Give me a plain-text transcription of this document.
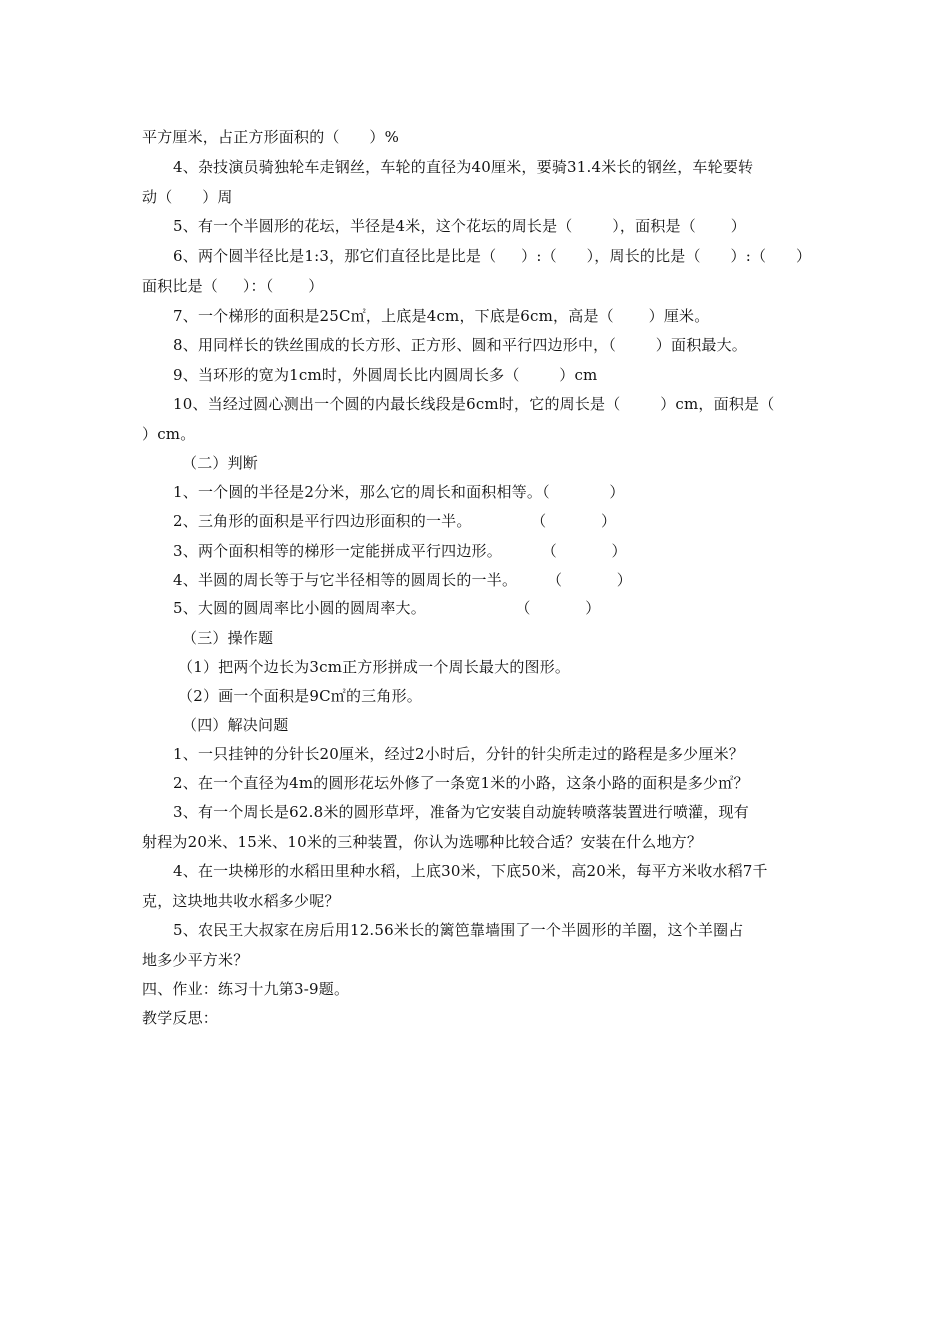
平方厘米，占正方形面积的（      ）%
4、杂技演员骑独轮车走钢丝，车轮的直径为40厘米，要骑31.4米长的钢丝，车轮要转
动（      ）周
5、有一个半圆形的花坛，半径是4米，这个花坛的周长是（        ），面积是（       ）
6、两个圆半径比是1:3，那它们直径比是比是（     ）:（      ），周长的比是（      ）:（      ）
面积比是（     ）：（       ）
7、一个梯形的面积是25C㎡，上底是4cm，下底是6cm，高是（       ）厘米。
8、用同样长的铁丝围成的长方形、正方形、圆和平行四边形中，（        ）面积最大。
9、当环形的宽为1cm时，外圆周长比内圆周长多（        ）cm
10、当经过圆心测出一个圆的内最长线段是6cm时，它的周长是（        ）cm，面积是（
）cm。
（二）判断
1、一个圆的半径是2分米，那么它的周长和面积相等。（            ）
2、三角形的面积是平行四边形面积的一半。            （           ）
3、两个面积相等的梯形一定能拼成平行四边形。        （           ）
4、半圆的周长等于与它半径相等的圆周长的一半。      （           ）
5、大圆的圆周率比小圆的圆周率大。                  （           ）
（三）操作题
（1）把两个边长为3cm正方形拼成一个周长最大的图形。
（2）画一个面积是9C㎡的三角形。
（四）解决问题
1、一只挂钟的分针长20厘米，经过2小时后，分针的针尖所走过的路程是多少厘米？
2、在一个直径为4m的圆形花坛外修了一条宽1米的小路，这条小路的面积是多少㎡？
3、有一个周长是62.8米的圆形草坪，准备为它安装自动旋转喷落装置进行喷灌，现有
射程为20米、15米、10米的三种装置，你认为选哪种比较合适？安装在什么地方？
4、在一块梯形的水稻田里种水稻，上底30米，下底50米，高20米，每平方米收水稻7千
克，这块地共收水稻多少呢？
5、农民王大叔家在房后用12.56米长的篱笆靠墙围了一个半圆形的羊圈，这个羊圈占
地多少平方米？
四、作业：练习十九第3-9题。
教学反思：
